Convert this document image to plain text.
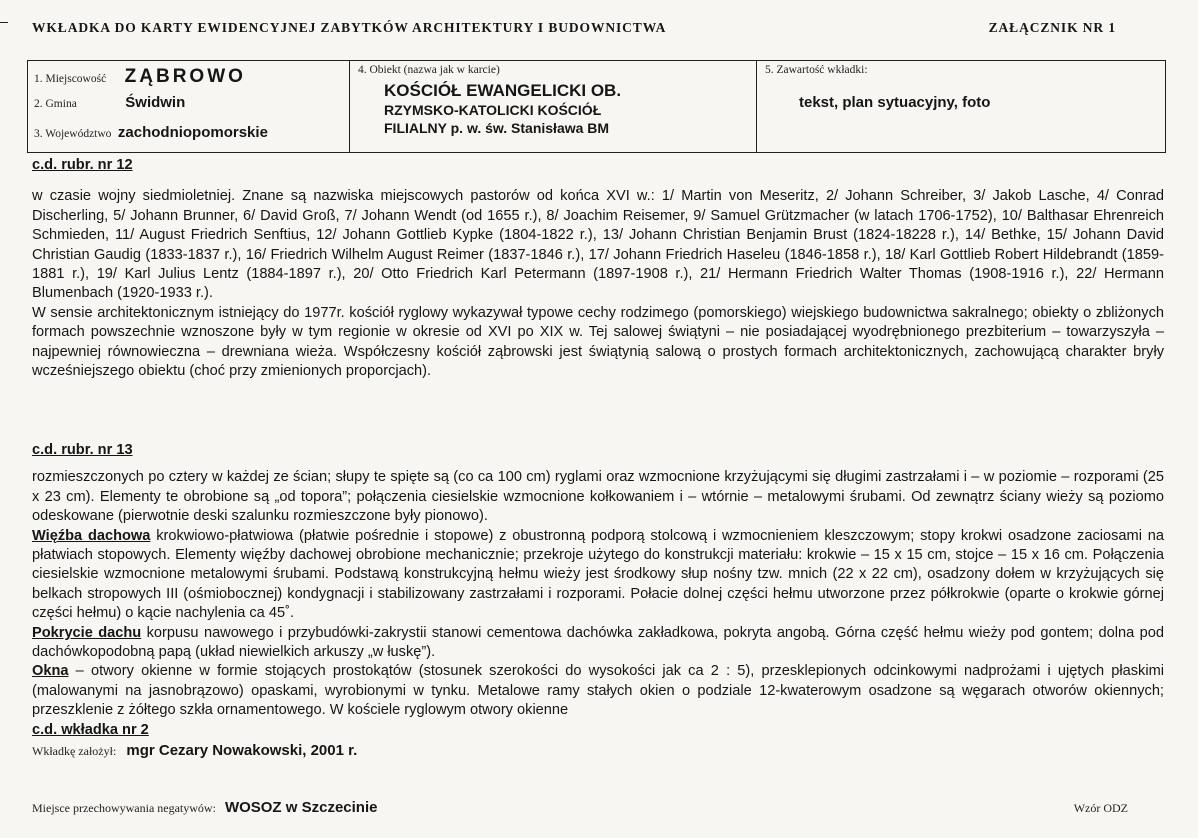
WKŁADKA DO KARTY EWIDENCYJNEJ ZABYTKÓW ARCHITEKTURY I BUDOWNICTWA	ZAŁĄCZNIK NR 1
1. Miejscowość ZĄBROWO
2. Gmina	Świdwin
3. Województwo zachodniopomorskie
4. Obiekt (nazwa jak w karcie)
KOŚCIÓŁ EWANGELICKI OB.
RZYMSKO-KATOLICKI KOŚCIÓŁ
FILIALNY p. w. św. Stanisława BM
5. Zawartość wkładki:
tekst, plan sytuacyjny, foto
c.d. rubr. nr 12

w czasie wojny siedmioletniej. Znane są nazwiska miejscowych pastorów od końca XVI w.: 1/ Martin von Meseritz, 2/ Johann Schreiber, 3/ Jakob Lasche, 4/ Conrad Discherling, 5/ Johann Brunner, 6/ David Groß, 7/ Johann Wendt (od 1655 r.), 8/ Joachim Reisemer, 9/ Samuel Grützmacher (w latach 1706-1752), 10/ Balthasar Ehrenreich Schmieden, 11/ August Friedrich Senftius, 12/ Johann Gottlieb Kypke (1804-1822 r.), 13/ Johann Christian Benjamin Brust (1824-18228 r.), 14/ Bethke, 15/ Johann David Christian Gaudig (1833-1837 r.), 16/ Friedrich Wilhelm August Reimer (1837-1846 r.), 17/ Johann Friedrich Haseleu (1846-1858 r.), 18/ Karl Gottlieb Robert Hildebrandt (1859-1881 r.), 19/ Karl Julius Lentz (1884-1897 r.), 20/ Otto Friedrich Karl Petermann (1897-1908 r.), 21/ Hermann Friedrich Walter Thomas (1908-1916 r.), 22/ Hermann Blumenbach (1920-1933 r.).

W sensie architektonicznym istniejący do 1977r. kościół ryglowy wykazywał typowe cechy rodzimego (pomorskiego) wiejskiego budownictwa sakralnego; obiekty o zbliżonych formach powszechnie wznoszone były w tym regionie w okresie od XVI po XIX w. Tej salowej świątyni – nie posiadającej wyodrębnionego prezbiterium – towarzyszyła – najpewniej równowieczna – drewniana wieża. Współczesny kościół ząbrowski jest świątynią salową o prostych formach architektonicznych, zachowującą charakter bryły wcześniejszego obiektu (choć przy zmienionych proporcjach).

c.d. rubr. nr 13

rozmieszczonych po cztery w każdej ze ścian; słupy te spięte są (co ca 100 cm) ryglami oraz wzmocnione krzyżującymi się długimi zastrzałami i – w poziomie – rozporami (25 x 23 cm). Elementy te obrobione są „od topora”; połączenia ciesielskie wzmocnione kołkowaniem i – wtórnie – metalowymi śrubami. Od zewnątrz ściany wieży są poziomo odeskowane (pierwotnie deski szalunku rozmieszczone były pionowo).

Więźba dachowa krokwiowo-płatwiowa (płatwie pośrednie i stopowe) z obustronną podporą stolcową i wzmocnieniem kleszczowym; stopy krokwi osadzone zaciosami na płatwiach stopowych. Elementy więźby dachowej obrobione mechanicznie; przekroje użytego do konstrukcji materiału: krokwie – 15 x 15 cm, stojce – 15 x 16 cm. Połączenia ciesielskie wzmocnione metalowymi śrubami. Podstawą konstrukcyjną hełmu wieży jest środkowy słup nośny tzw. mnich (22 x 22 cm), osadzony dołem w krzyżujących się belkach stropowych III (ośmiobocznej) kondygnacji i stabilizowany zastrzałami i rozporami. Połacie dolnej części hełmu utworzone przez półkrokwie (oparte o krokwie górnej części hełmu) o kącie nachylenia ca 45˚.

Pokrycie dachu korpusu nawowego i przybudówki-zakrystii stanowi cementowa dachówka zakładkowa, pokryta angobą. Górna część hełmu wieży pod gontem; dolna pod dachówkopodobną papą (układ niewielkich arkuszy „w łuskę”).

Okna – otwory okienne w formie stojących prostokątów (stosunek szerokości do wysokości jak ca 2 : 5), przesklepionych odcinkowymi nadprożami i ujętych płaskimi (malowanymi na jasnobrązowo) opaskami, wyrobionymi w tynku. Metalowe ramy stałych okien o podziale 12-kwaterowym osadzone są węgarach otworów okiennych; przeszklenie z żółtego szkła ornamentowego. W kościele ryglowym otwory okienne

c.d. wkładka nr 2
Wkładkę założył: mgr Cezary Nowakowski, 2001 r.
Miejsce przechowywania negatywów: WOSOZ w Szczecinie	Wzór ODZ
